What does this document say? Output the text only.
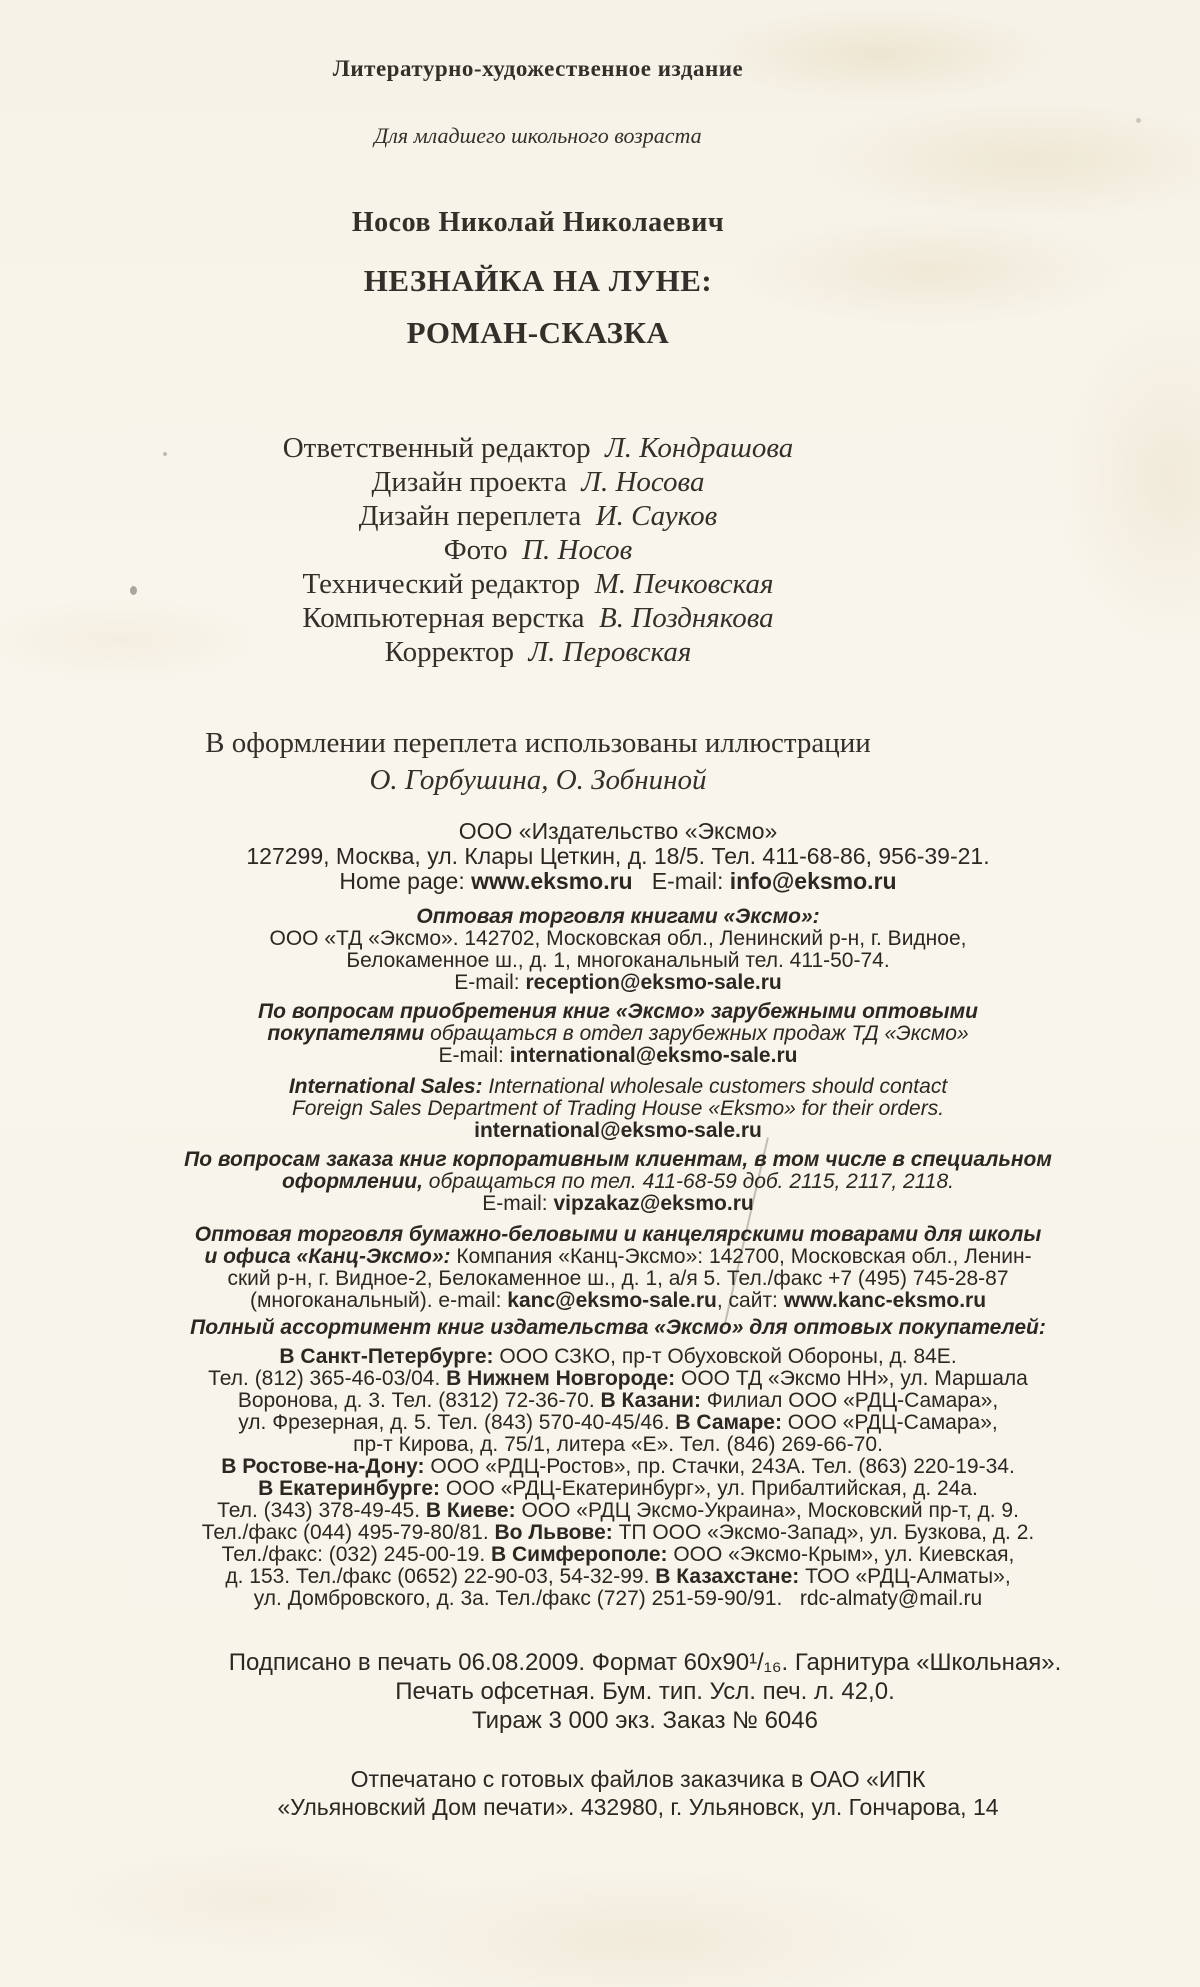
Литературно-художественное издание
Для младшего школьного возраста
Носов Николай Николаевич
НЕЗНАЙКА НА ЛУНЕ:
РОМАН-СКАЗКА
Ответственный редактор  Л. Кондрашова
Дизайн проекта  Л. Носова
Дизайн переплета  И. Сауков
Фото  П. Носов
Технический редактор  М. Печковская
Компьютерная верстка  В. Позднякова
Корректор  Л. Перовская
В оформлении переплета использованы иллюстрации
О. Горбушина, О. Зобниной
ООО «Издательство «Эксмо»
127299, Москва, ул. Клары Цеткин, д. 18/5. Тел. 411-68-86, 956-39-21.
Home page: www.eksmo.ru   E-mail: info@eksmo.ru
Оптовая торговля книгами «Эксмо»:
ООО «ТД «Эксмо». 142702, Московская обл., Ленинский р-н, г. Видное,
Белокаменное ш., д. 1, многоканальный тел. 411-50-74.
E-mail: reception@eksmo-sale.ru
По вопросам приобретения книг «Эксмо» зарубежными оптовыми
покупателями обращаться в отдел зарубежных продаж ТД «Эксмо»
E-mail: international@eksmo-sale.ru
International Sales: International wholesale customers should contact
Foreign Sales Department of Trading House «Eksmo» for their orders.
international@eksmo-sale.ru
По вопросам заказа книг корпоративным клиентам, в том числе в специальном
оформлении, обращаться по тел. 411-68-59 доб. 2115, 2117, 2118.
E-mail: vipzakaz@eksmo.ru
Оптовая торговля бумажно-беловыми и канцелярскими товарами для школы
и офиса «Канц-Эксмо»: Компания «Канц-Эксмо»: 142700, Московская обл., Ленин-
ский р-н, г. Видное-2, Белокаменное ш., д. 1, а/я 5. Тел./факс +7 (495) 745-28-87
(многоканальный). e-mail: kanc@eksmo-sale.ru, сайт: www.kanc-eksmo.ru
Полный ассортимент книг издательства «Эксмо» для оптовых покупателей:
В Санкт-Петербурге: ООО СЗКО, пр-т Обуховской Обороны, д. 84Е.
Тел. (812) 365-46-03/04. В Нижнем Новгороде: ООО ТД «Эксмо НН», ул. Маршала
Воронова, д. 3. Тел. (8312) 72-36-70. В Казани: Филиал ООО «РДЦ-Самара»,
ул. Фрезерная, д. 5. Тел. (843) 570-40-45/46. В Самаре: ООО «РДЦ-Самара»,
пр-т Кирова, д. 75/1, литера «Е». Тел. (846) 269-66-70.
В Ростове-на-Дону: ООО «РДЦ-Ростов», пр. Стачки, 243А. Тел. (863) 220-19-34.
В Екатеринбурге: ООО «РДЦ-Екатеринбург», ул. Прибалтийская, д. 24а.
Тел. (343) 378-49-45. В Киеве: ООО «РДЦ Эксмо-Украина», Московский пр-т, д. 9.
Тел./факс (044) 495-79-80/81. Во Львове: ТП ООО «Эксмо-Запад», ул. Бузкова, д. 2.
Тел./факс: (032) 245-00-19. В Симферополе: ООО «Эксмо-Крым», ул. Киевская,
д. 153. Тел./факс (0652) 22-90-03, 54-32-99. В Казахстане: ТОО «РДЦ-Алматы»,
ул. Домбровского, д. 3а. Тел./факс (727) 251-59-90/91.   rdc-almaty@mail.ru
Подписано в печать 06.08.2009. Формат 60х90¹/₁₆. Гарнитура «Школьная».
Печать офсетная. Бум. тип. Усл. печ. л. 42,0.
Тираж 3 000 экз. Заказ № 6046
Отпечатано с готовых файлов заказчика в ОАО «ИПК
«Ульяновский Дом печати». 432980, г. Ульяновск, ул. Гончарова, 14
